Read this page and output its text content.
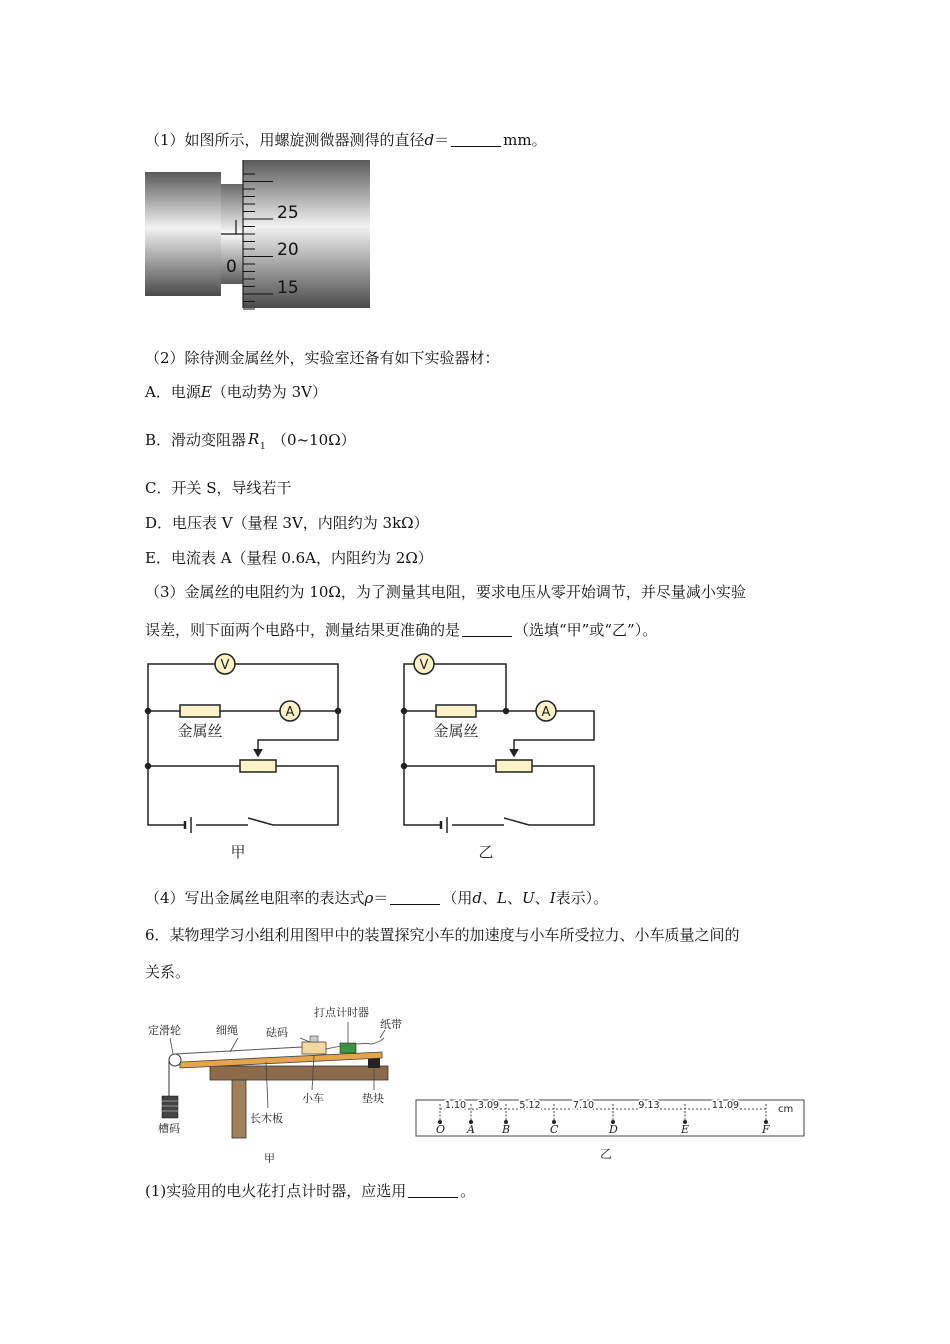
（1）如图所示，用螺旋测微器测得的直径d＝	mm。
25
20
15
0
（2）除待测金属丝外，实验室还备有如下实验器材：
A．电源E（电动势为 3V）
B．滑动变阻器 R 1 （0~10Ω）
C．开关 S，导线若干
D．电压表 V（量程 3V，内阻约为 3kΩ）
E．电流表 A（量程 0.6A，内阻约为 2Ω）
（3）金属丝的电阻约为 10Ω，为了测量其电阻，要求电压从零开始调节，并尽量减小实验
误差，则下面两个电路中，测量结果更准确的是	（选填“甲”或“乙”）。
V
A
金属丝
甲
V
A
金属丝
乙
（4）写出金属丝电阻率的表达式ρ＝	（用d、L、U、I表示）。
6．某物理学习小组利用图甲中的装置探究小车的加速度与小车所受拉力、小车质量之间的
关系。
定滑轮	细绳	砝码
打点计时器
纸带
槽码
长木板
小车	垫块
甲
O A B	C	D	E	F
1.10 3.09 5.12	7.10	9.13	11.09	cm
乙
(1)实验用的电火花打点计时器，应选用	。
